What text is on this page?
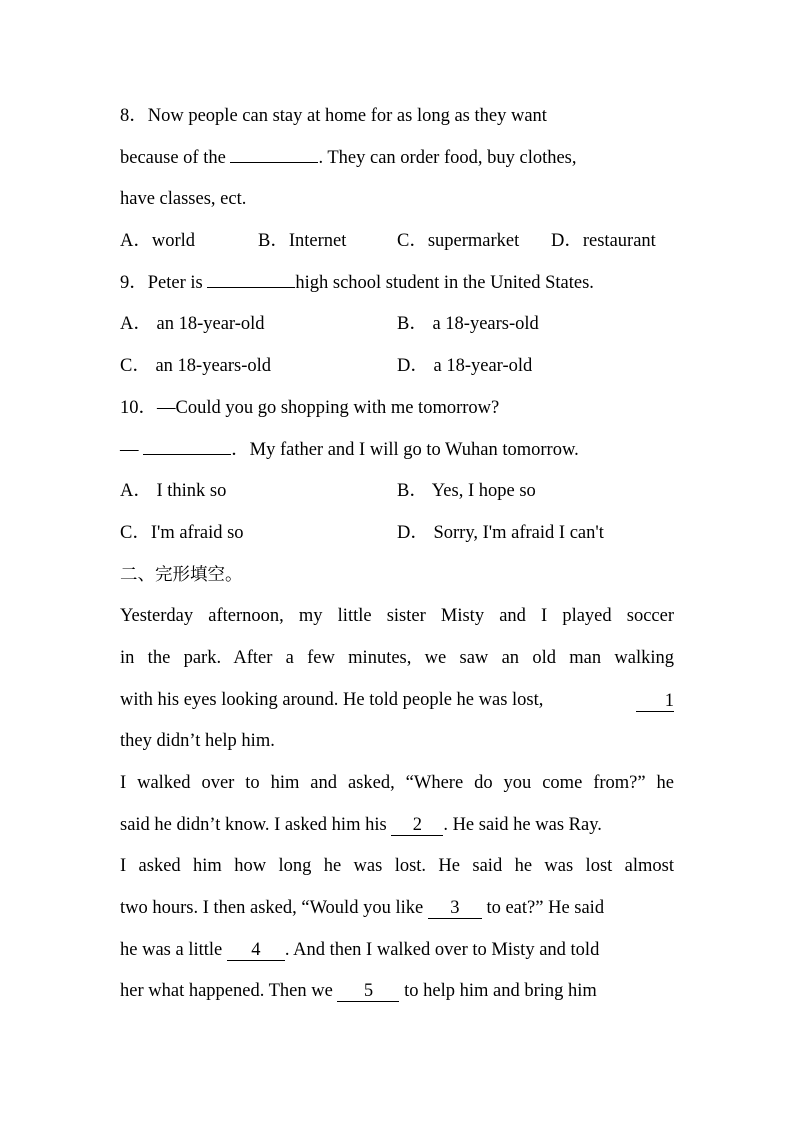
8．Now people can stay at home for as long as they want
because of the	. They can order food, buy clothes,
have classes, ect.
A．world	B．Internet	C．supermarket D．restaurant
9．Peter is	high school student in the United States.
A． an 18-year-old	B． a 18-years-old
C． an 18-years-old	D． a 18-year-old
10．—Could you go shopping with me tomorrow?
—	．My father and I will go to Wuhan tomorrow.
A． I think so	B． Yes, I hope so
C．I'm afraid so	D． Sorry, I'm afraid I can't
二、完形填空。
Yesterday afternoon, my little sister Misty and I played soccer
in the park. After a few minutes, we saw an old man walking
with his eyes looking around. He told people he was lost,	1
they didn’t help him.
I walked over to him and asked, “Where do you come from?” he
said he didn’t know. I asked him his 2 . He said he was Ray.
I asked him how long he was lost. He said he was lost almost
two hours. I then asked, “Would you like 3 to eat?” He said
he was a little 4 . And then I walked over to Misty and told
her what happened. Then we 5 to help him and bring him
